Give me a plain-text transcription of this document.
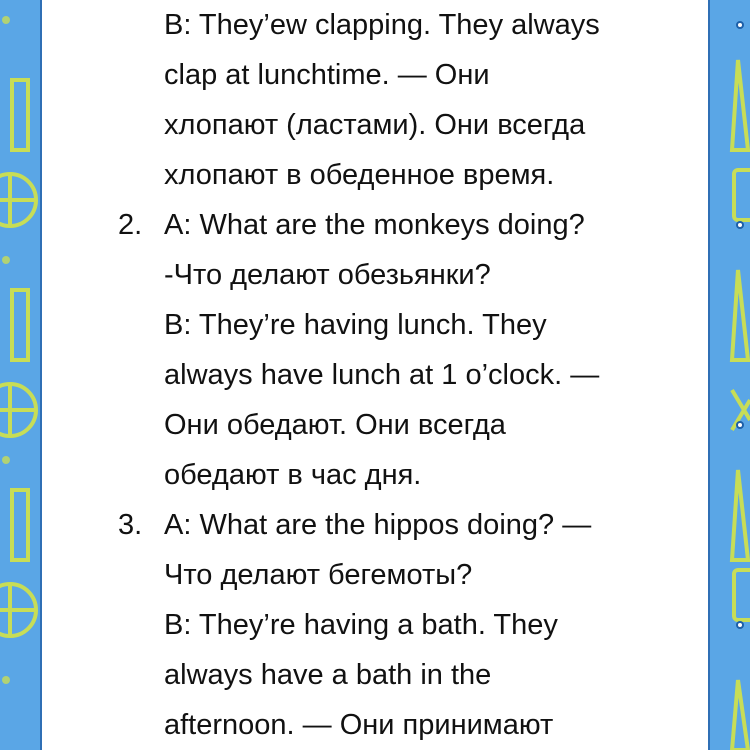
B: They’ew clapping. They always
clap at lunchtime. — Они
хлопают (ластами). Они всегда
хлопают в обеденное время.
2. A: What are the monkeys doing?
-Что делают обезьянки?
B: They’re having lunch. They
always have lunch at 1 o’clock. —
Они обедают. Они всегда
обедают в час дня.
3. A: What are the hippos doing? —
Что делают бегемоты?
B: They’re having a bath. They
always have a bath in the
afternoon. — Они принимают
